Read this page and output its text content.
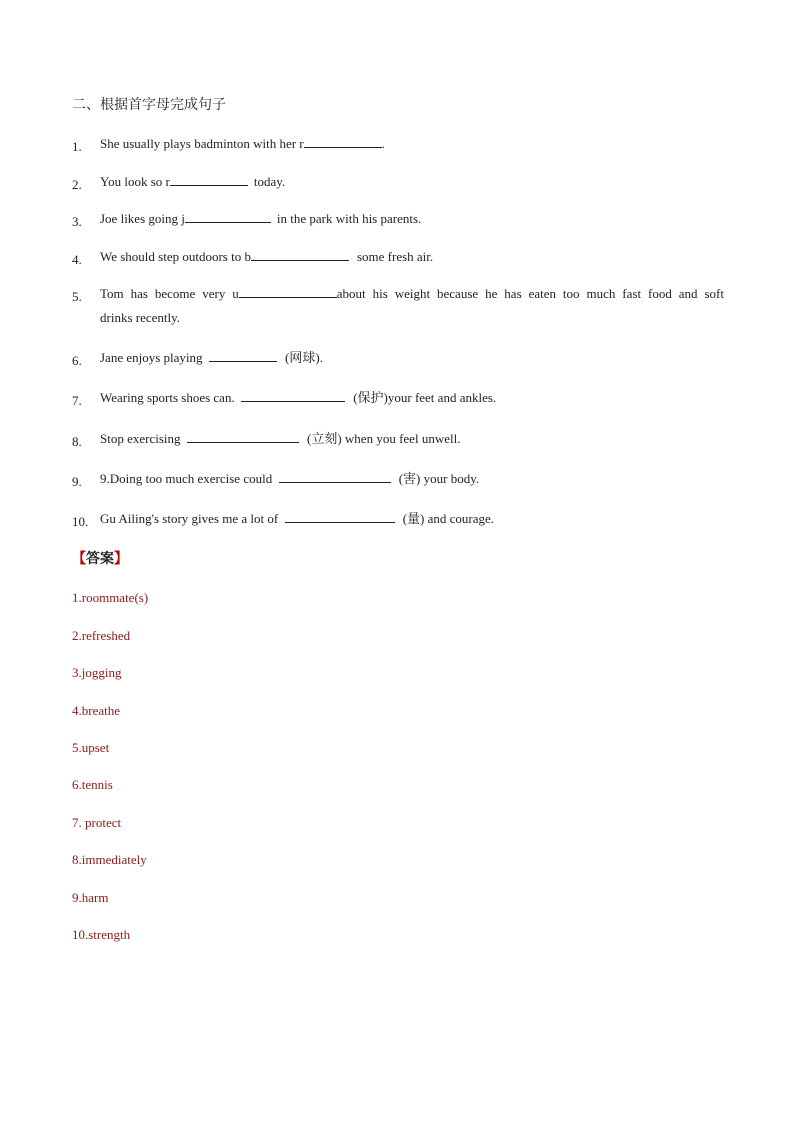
二、根据首字母完成句子
1.	She usually plays badminton with her r	.
2.	You look so r	today.
3.	Joe likes going j	in the park with his parents.
4.	We should step outdoors to b	some fresh air.
5.	Tom has become very u	about his weight because he has eaten too much fast food and soft
drinks recently.
6.	Jane enjoys playing	(网球).
7.	Wearing sports shoes can.	(保护)your feet and ankles.
8.	Stop exercising	(立刻) when you feel unwell.
9.	9.Doing too much exercise could	(害) your body.
10. Gu Ailing's story gives me a lot of	(量) and courage.
【答案】
1.roommate(s)
2.refreshed
3.jogging
4.breathe
5.upset
6.tennis
7. protect
8.immediately
9.harm
10.strength
